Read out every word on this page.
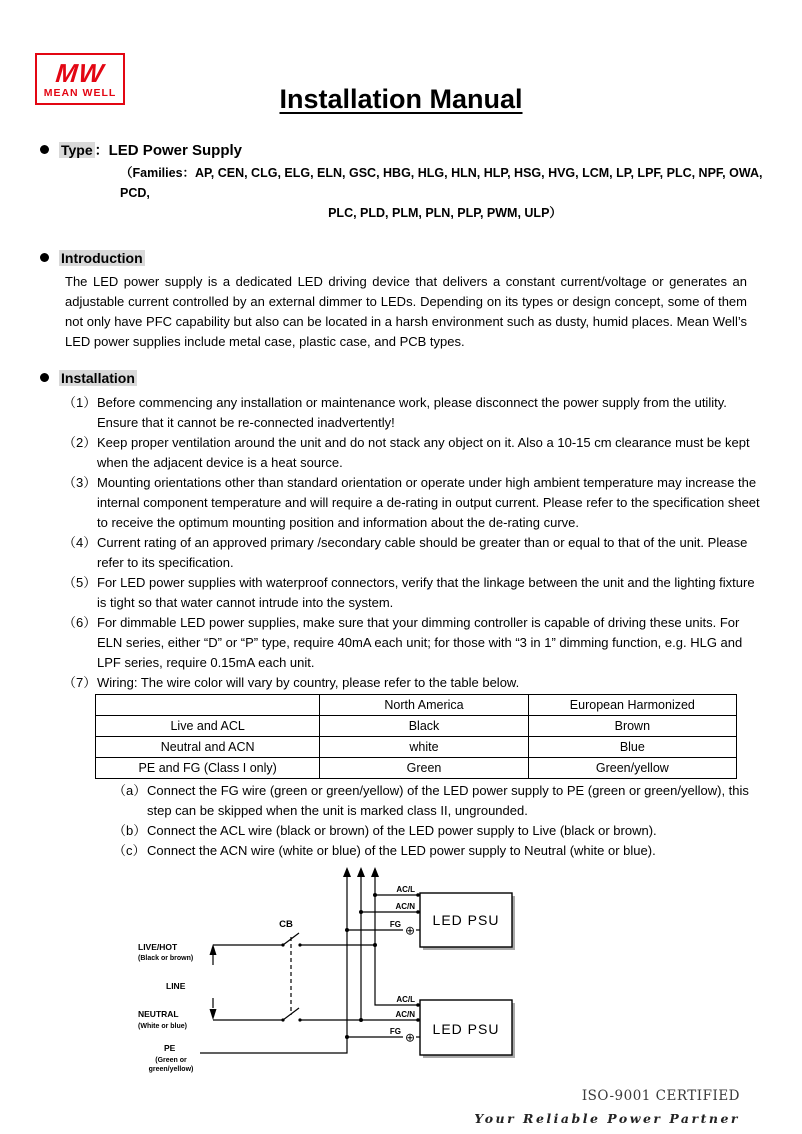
MW
MEAN WELL	Installation Manual
Type ：LED Power Supply
（Families：AP, CEN, CLG, ELG, ELN, GSC, HBG, HLG, HLN, HLP, HSG, HVG, LCM, LP, LPF, PLC, NPF, OWA, PCD,
PLC, PLD, PLM, PLN, PLP, PWM, ULP）
Introduction

The LED power supply is a dedicated LED driving device that delivers a constant current/voltage or generates an adjustable current controlled by an external dimmer to LEDs. Depending on its types or design concept, some of them not only have PFC capability but also can be located in a harsh environment such as dusty, humid places. Mean Well’s LED power supplies include metal case, plastic case, and PCB types.

Installation
（1） Before commencing any installation or maintenance work, please disconnect the power supply from the utility. Ensure that it cannot be re-connected inadvertently!
（2） Keep proper ventilation around the unit and do not stack any object on it. Also a 10-15 cm clearance must be kept when the adjacent device is a heat source.
（3） Mounting orientations other than standard orientation or operate under high ambient temperature may increase the internal component temperature and will require a de-rating in output current. Please refer to the specification sheet to receive the optimum mounting position and information about the de-rating curve.
（4） Current rating of an approved primary /secondary cable should be greater than or equal to that of the unit. Please refer to its specification.
（5） For LED power supplies with waterproof connectors, verify that the linkage between the unit and the lighting fixture is tight so that water cannot intrude into the system.
（6） For dimmable LED power supplies, make sure that your dimming controller is capable of driving these units. For ELN series, either “D” or “P” type, require 40mA each unit; for those with “3 in 1” dimming function, e.g. HLG and LPF series, require 0.15mA each unit.
（7） Wiring: The wire color will vary by country, please refer to the table below.
	North America	European Harmonized
Live and ACL	Black	Brown
Neutral and ACN	white	Blue
PE and FG (Class I only)	Green	Green/yellow
（a） Connect the FG wire (green or green/yellow) of the LED power supply to PE (green or green/yellow), this step can be skipped when the unit is marked class II, ungrounded.
（b） Connect the ACL wire (black or brown) of the LED power supply to Live (black or brown).
（c） Connect the ACN wire (white or blue) of the LED power supply to Neutral (white or blue).
LED PSU
LED PSU
⊕
⊕
AC/L
AC/N
FG
AC/L
AC/N
FG
CB
LIVE/HOT
(Black or brown)
LINE
NEUTRAL
(White or blue)
PE
(Green or
green/yellow)
ISO-9001 CERTIFIED
Your Reliable Power Partner
